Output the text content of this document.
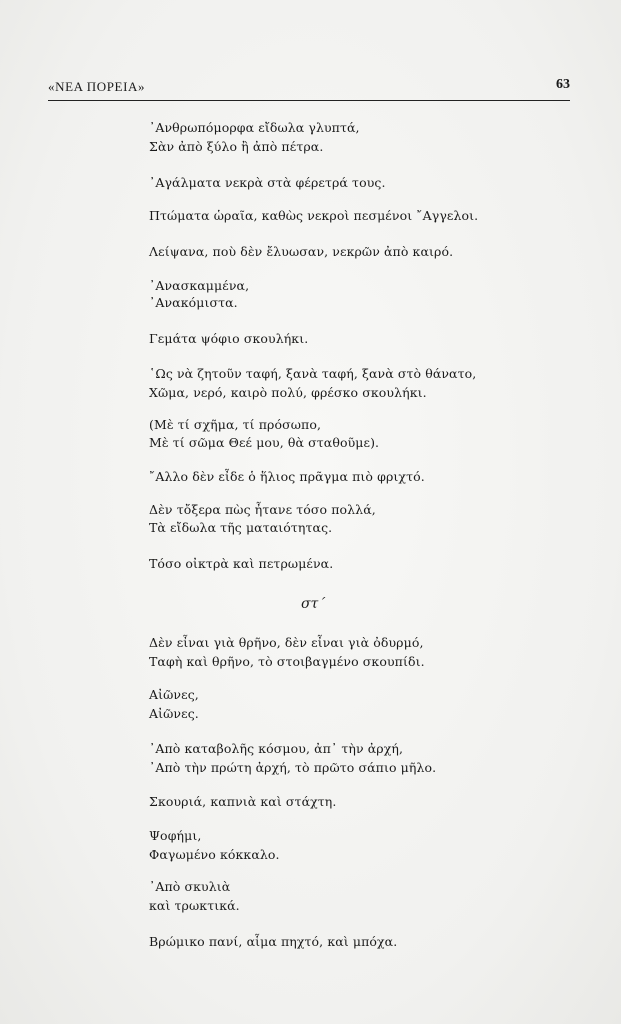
«ΝΕΑ ΠΟΡΕΙΑ»	63
᾿Ανθρωπόμορφα εἴδωλα γλυπτά,
Σὰν ἀπὸ ξύλο ἢ ἀπὸ πέτρα.
᾿Αγάλματα νεκρὰ στὰ φέρετρά τους.
Πτώματα ὡραῖα, καθὼς νεκροὶ πεσμένοι ῎Αγγελοι.
Λείψανα, ποὺ δὲν ἔλυωσαν, νεκρῶν ἀπὸ καιρό.
᾿Ανασκαμμένα,
᾿Ανακόμιστα.
Γεμάτα ψόφιο σκουλήκι.
῾Ως νὰ ζητοῦν ταφή, ξανὰ ταφή, ξανὰ στὸ θάνατο,
Χῶμα, νερό, καιρὸ πολύ, φρέσκο σκουλήκι.
(Μὲ τί σχῆμα, τί πρόσωπο,
Μὲ τί σῶμα Θεέ μου, θὰ σταθοῦμε).
῎Αλλο δὲν εἶδε ὁ ἥλιος πρᾶγμα πιὸ φριχτό.
Δὲν τὄξερα πὼς ἦτανε τόσο πολλά,
Τὰ εἴδωλα τῆς ματαιότητας.
Τόσο οἰκτρὰ καὶ πετρωμένα.
στ΄
Δὲν εἶναι γιὰ θρῆνο, δὲν εἶναι γιὰ ὀδυρμό,
Ταφὴ καὶ θρῆνο, τὸ στοιβαγμένο σκουπίδι.
Αἰῶνες,
Αἰῶνες.
᾿Απὸ καταβολῆς κόσμου, ἀπ᾿ τὴν ἀρχή,
᾿Απὸ τὴν πρώτη ἀρχή, τὸ πρῶτο σάπιο μῆλο.
Σκουριά, καπνιὰ καὶ στάχτη.
Ψοφήμι,
Φαγωμένο κόκκαλο.
᾿Απὸ σκυλιὰ
καὶ τρωκτικά.
Βρώμικο πανί, αἷμα πηχτό, καὶ μπόχα.
